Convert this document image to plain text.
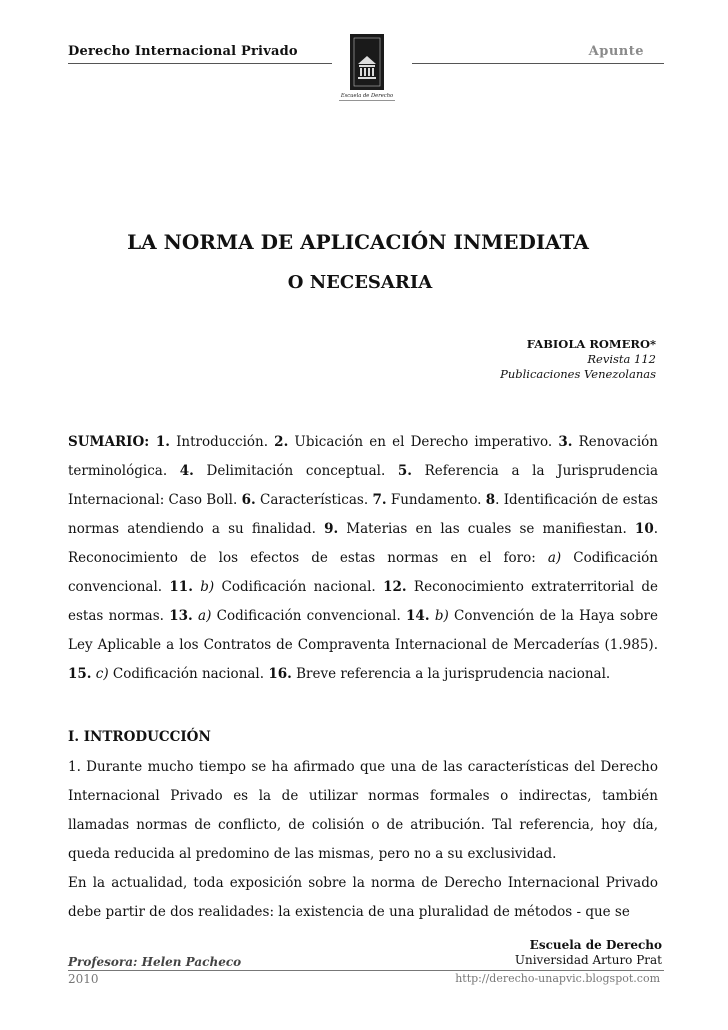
Derecho Internacional Privado	Apunte
Escuela de Derecho
LA NORMA DE APLICACIÓN INMEDIATA
O NECESARIA
FABIOLA ROMERO*
Revista 112
Publicaciones Venezolanas
SUMARIO: 1. Introducción. 2. Ubicación en el Derecho imperativo. 3. Renovación terminológica. 4. Delimitación conceptual. 5. Referencia a la Jurisprudencia Internacional: Caso Boll. 6. Características. 7. Fundamento. 8. Identificación de estas normas atendiendo a su finalidad. 9. Materias en las cuales se manifiestan. 10. Reconocimiento de los efectos de estas normas en el foro: a) Codificación convencional. 11. b) Codificación nacional. 12. Reconocimiento extraterritorial de estas normas. 13. a) Codificación convencional. 14. b) Convención de la Haya sobre Ley Aplicable a los Contratos de Compraventa Internacional de Mercaderías (1.985). 15. c) Codificación nacional. 16. Breve referencia a la jurisprudencia nacional.
I. INTRODUCCIÓN

1. Durante mucho tiempo se ha afirmado que una de las características del Derecho Internacional Privado es la de utilizar normas formales o indirectas, también llamadas normas de conflicto, de colisión o de atribución. Tal referencia, hoy día, queda reducida al predomino de las mismas, pero no a su exclusividad.

En la actualidad, toda exposición sobre la norma de Derecho Internacional Privado debe partir de dos realidades: la existencia de una pluralidad de métodos - que se

Escuela de Derecho
Universidad Arturo Prat
Profesora: Helen Pacheco
2010	http://derecho-unapvic.blogspot.com
